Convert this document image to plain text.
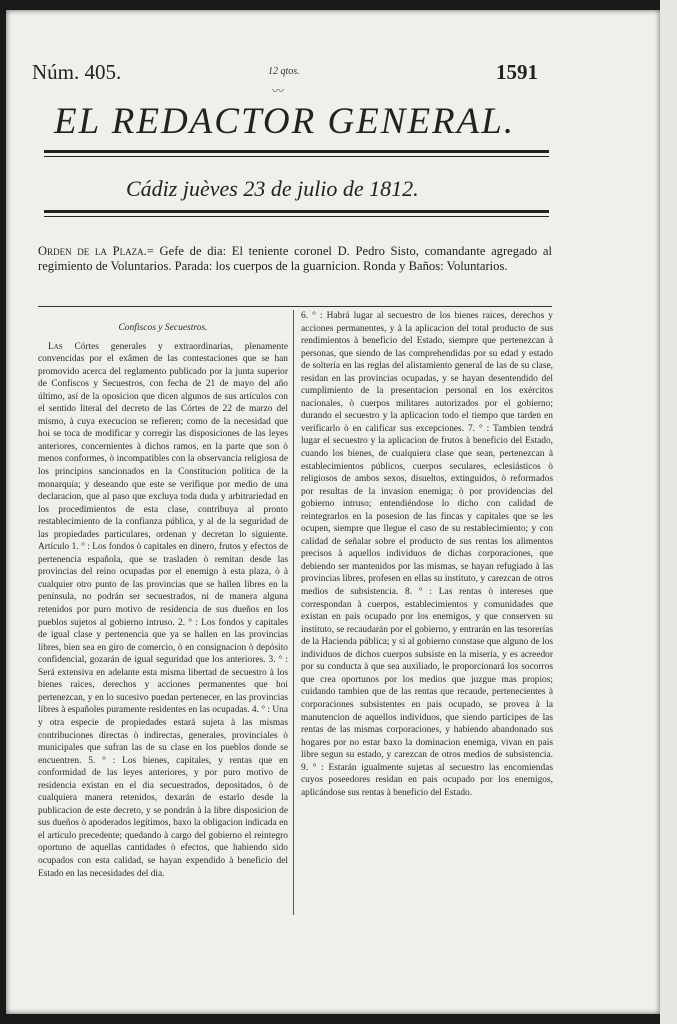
Núm. 405.	12 qtos.
〰
1591
EL REDACTOR GENERAL.
Cádiz juèves 23 de julio de 1812.
Orden de la Plaza.= Gefe de dia: El teniente coronel D. Pedro Sisto, comandante agregado al regimiento de Voluntarios. Parada: los cuerpos de la guarnicion. Ronda y Baños: Voluntarios.
Confiscos y Secuestros.

Las Córtes generales y extraordinarias, plenamente convencidas por el exâmen de las contestaciones que se han promovido acerca del reglamento publicado por la junta superior de Confiscos y Secuestros, con fecha de 21 de mayo del año último, así de la oposicion que dicen algunos de sus artículos con el sentido literal del decreto de las Córtes de 22 de marzo del mismo, à cuya execucion se refieren; como de la necesidad que hoi se toca de modificar y corregir las disposiciones de las leyes anteriores, concernientes à dichos ramos, en la parte que son ò menos conformes, ò incompatibles con la observancia religiosa de los principios sancionados en la Constitucion política de la monarquía; y deseando que este se verifique por medio de una declaracion, que al paso que excluya toda duda y arbitrariedad en los procedimientos de esta clase, contribuya al pronto restablecimiento de la confianza pública, y al de la seguridad de las propiedades particulares, ordenan y decretan lo siguiente. Artículo 1. ° : Los fondos ò capitales en dinero, frutos y efectos de pertenencia española, que se trasladen ò remitan desde las provincias del reino ocupadas por el enemigo à esta plaza, ò à cualquier otro punto de las provincias que se hallen libres en la península, no podrán ser secuestrados, ni de manera alguna retenidos por puro motivo de residencia de sus dueños en los pueblos sujetos al gobierno intruso. 2. ° : Los fondos y capitales de igual clase y pertenencia que ya se hallen en las provincias libres, bien sea en giro de comercio, ò en consignacion ò depósito confidencial, gozarán de igual seguridad que los anteriores. 3. ° : Será extensiva en adelante esta misma libertad de secuestro à los bienes raices, derechos y acciones permanentes que hoi pertenezcan, y en lo sucesivo puedan pertenecer, en las provincias libres à españoles puramente residentes en las ocupadas. 4. ° : Una y otra especie de propiedades estará sujeta à las mismas contribuciones directas ò indirectas, generales, provinciales ò municipales que sufran las de su clase en los pueblos donde se encuentren. 5. ° : Los bienes, capitales, y rentas que en conformidad de las leyes anteriores, y por puro motivo de residencia existan en el dia secuestrados, depositados, ò de cualquiera manera retenidos, dexarán de estarlo desde la publicacion de este decreto, y se pondrán à la libre disposicion de sus dueños ò apoderados legítimos, baxo la obligacion indicada en el artículo precedente; quedando à cargo del gobierno el reintegro oportuno de aquellas cantidades ò efectos, que habiendo sido ocupados con esta calidad, se hayan expendido à beneficio del Estado en las necesidades del dia.

6. ° : Habrá lugar al secuestro de los bienes raices, derechos y acciones permanentes, y à la aplicacion del total producto de sus rendimientos à beneficio del Estado, siempre que pertenezcan à personas, que siendo de las comprehendidas por su edad y estado de soltería en las reglas del alistamiento general de las de su clase, residan en las provincias ocupadas, y se hayan desentendido del cumplimiento de la presentacion personal en los exércitos nacionales, ò cuerpos militares autorizados por el gobierno; durando el secuestro y la aplicacion todo el tiempo que tarden en verificarlo ò en calificar sus excepciones. 7. ° : Tambien tendrá lugar el secuestro y la aplicacion de frutos à beneficio del Estado, cuando los bienes, de cualquiera clase que sean, pertenezcan à establecimientos públicos, cuerpos seculares, eclesiásticos ò religiosos de ambos sexos, disueltos, extinguidos, ò reformados por resultas de la invasion enemiga; ò por providencias del gobierno intruso; entendiéndose lo dicho con calidad de reintegrarlos en la posesion de las fincas y capitales que se les ocupen, siempre que llegue el caso de su restablecimiento; y con calidad de señalar sobre el producto de sus rentas los alimentos precisos à aquellos individuos de dichas corporaciones, que debiendo ser mantenidos por las mismas, se hayan refugiado à las provincias libres, profesen en ellas su instituto, y carezcan de otros medios de subsistencia. 8. ° : Las rentas ò intereses que correspondan à cuerpos, establecimientos y comunidades que existan en pais ocupado por los enemigos, y que conserven su instituto, se recaudarán por el gobierno, y entrarán en las tesorerías de la Hacienda pública; y si al gobierno constase que alguno de los individuos de dichos cuerpos subsiste en la miseria, y es acreedor por su conducta à que sea auxiliado, le proporcionará los socorros que crea oportunos por los medios que juzgue mas propios; cuidando tambien que de las rentas que recaude, pertenecientes à corporaciones subsistentes en pais ocupado, se provea à la manutencion de aquellos individuos, que siendo partícipes de las rentas de las mismas corporaciones, y habiendo abandonado sus hogares por no estar baxo la dominacion enemiga, vivan en pais libre segun su estado, y carezcan de otros medios de subsistencia. 9. ° : Estarán igualmente sujetas al secuestro las encomiendas cuyos poseedores residan en pais ocupado por los enemigos, aplicándose sus rentas à beneficio del Estado.
